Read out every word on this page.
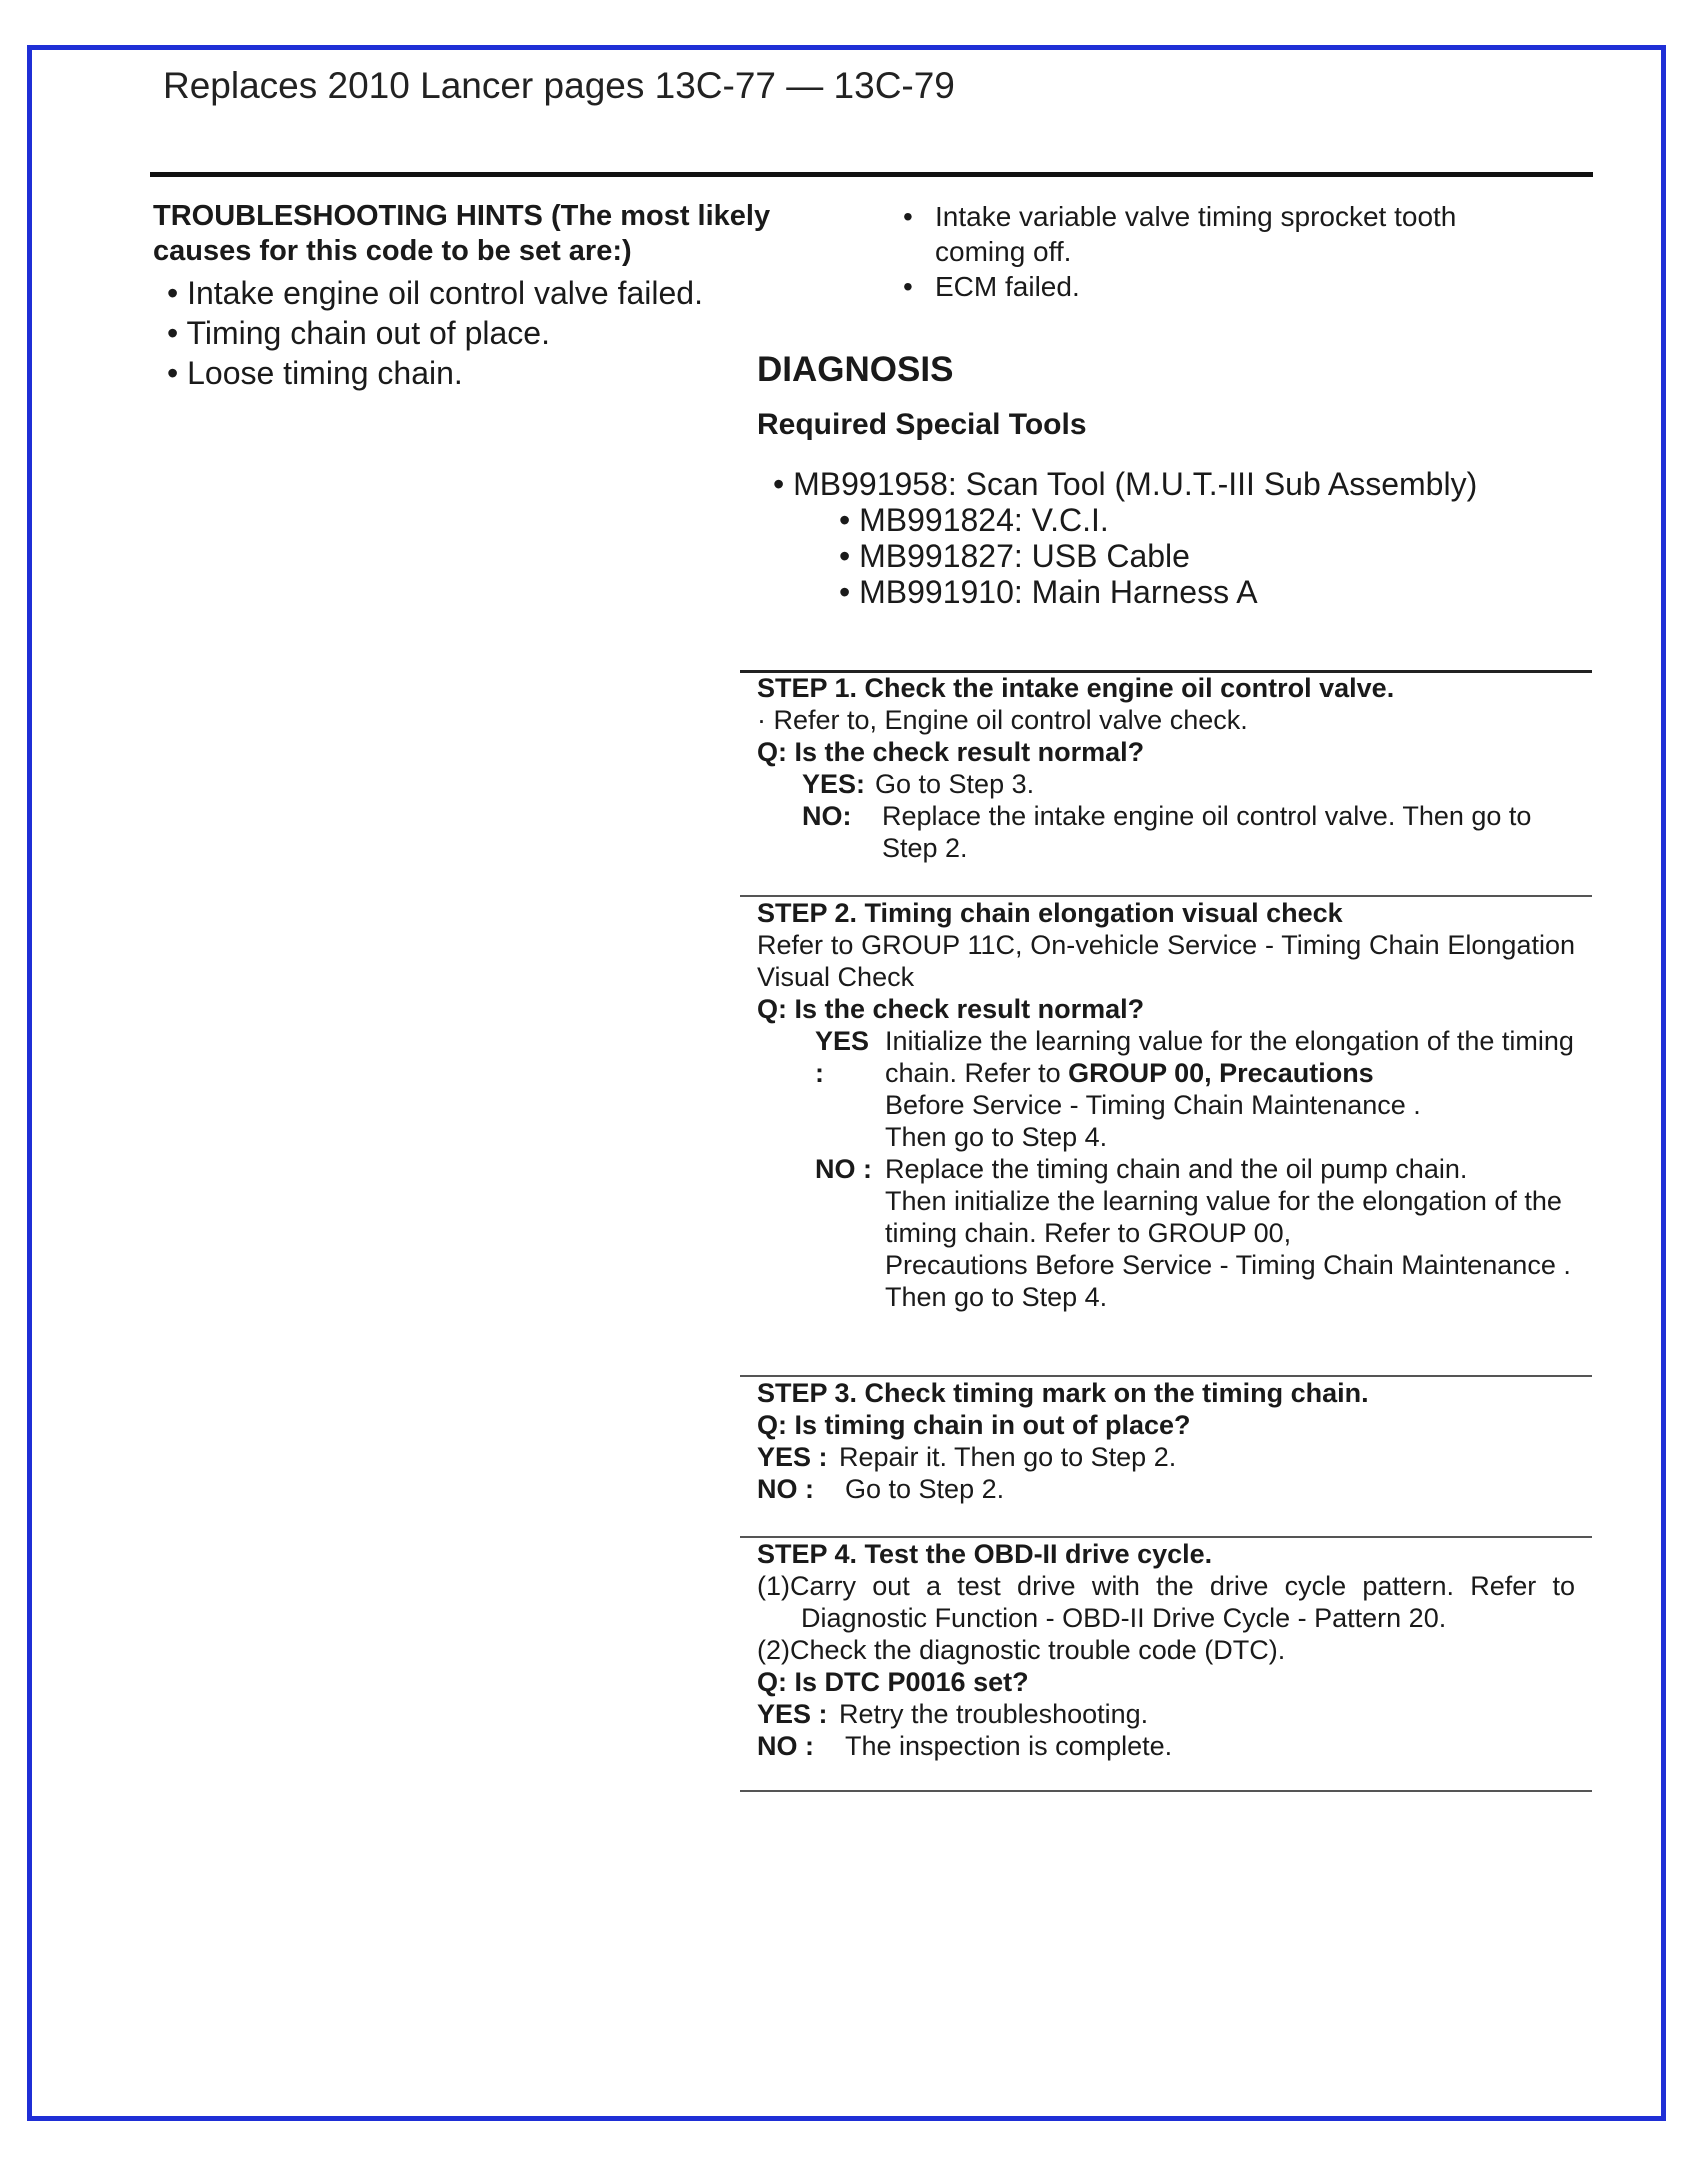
Replaces 2010 Lancer pages 13C-77 — 13C-79

TROUBLESHOOTING HINTS (The most likely causes for this code to be set are:)

• Intake engine oil control valve failed.
• Timing chain out of place.
• Loose timing chain.
• Intake variable valve timing sprocket tooth coming off.
• ECM failed.
DIAGNOSIS
Required Special Tools
• MB991958: Scan Tool (M.U.T.-III Sub Assembly)
• MB991824: V.C.I.
• MB991827: USB Cable
• MB991910: Main Harness A

STEP 1. Check the intake engine oil control valve.

· Refer to, Engine oil control valve check.

Q: Is the check result normal?

YES: Go to Step 3.
NO:	Replace the intake engine oil control valve. Then go to Step 2.

STEP 2. Timing chain elongation visual check

Refer to GROUP 11C, On-vehicle Service - Timing Chain Elongation Visual Check

Q: Is the check result normal?

YES :
Initialize the learning value for the elongation of the timing chain. Refer to GROUP 00, Precautions
Before Service - Timing Chain Maintenance .
Then go to Step 4.
NO : Replace the timing chain and the oil pump chain.
Then initialize the learning value for the elongation of the timing chain. Refer to GROUP 00,
Precautions Before Service - Timing Chain Maintenance .
Then go to Step 4.

STEP 3. Check timing mark on the timing chain.

Q: Is timing chain in out of place?

YES : Repair it. Then go to Step 2.
NO :	Go to Step 2.

STEP 4. Test the OBD-II drive cycle.

(1)Carry out a test drive with the drive cycle pattern. Refer to

Diagnostic Function - OBD-II Drive Cycle - Pattern 20.

(2)Check the diagnostic trouble code (DTC).

Q: Is DTC P0016 set?

YES : Retry the troubleshooting.
NO :	The inspection is complete.
